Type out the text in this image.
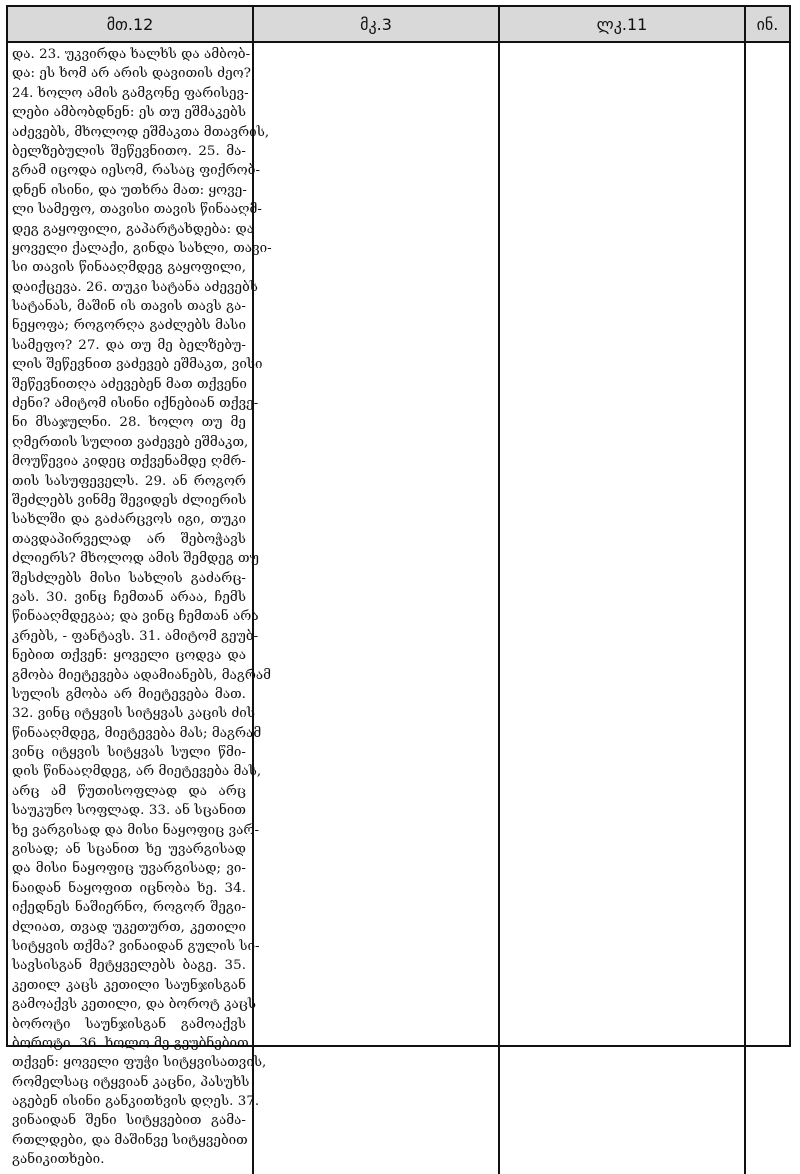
მთ.12	მკ.3	ლკ.11	ინ.
და. 23. უკვირდა ხალხს და ამბობ-
და: ეს ხომ არ არის დავითის ძეო?
24. ხოლო ამის გამგონე ფარისევ-
ლები ამბობდნენ: ეს თუ ეშმაკებს
აძევებს, მხოლოდ ეშმაკთა მთავრის,
ბელზებულის შეწევნითო. 25. მა-
გრამ იცოდა იესომ, რასაც ფიქრობ-
დნენ ისინი, და უთხრა მათ: ყოვე-
ლი სამეფო, თავისი თავის წინააღმ-
დეგ გაყოფილი, გაპარტახდება: და
ყოველი ქალაქი, გინდა სახლი, თავი-
სი თავის წინააღმდეგ გაყოფილი,
დაიქცევა. 26. თუკი სატანა აძევებს
სატანას, მაშინ ის თავის თავს გა-
ნეყოფა; როგორღა გაძლებს მასი
სამეფო? 27. და თუ მე ბელზებუ-
ლის შეწევნით ვაძევებ ეშმაკთ, ვისი
შეწევნითღა აძევებენ მათ თქვენი
ძენი? ამიტომ ისინი იქნებიან თქვე-
ნი მსაჯულნი. 28. ხოლო თუ მე
ღმერთის სულით ვაძევებ ეშმაკთ,
მოუწევია კიდეც თქვენამდე ღმრ-
თის სასუფეველს. 29. ან როგორ
შეძლებს ვინმე შევიდეს ძლიერის
სახლში და გაძარცვოს იგი, თუკი
თავდაპირველად არ შებოჭავს
ძლიერს? მხოლოდ ამის შემდეგ თუ
შესძლებს მისი სახლის გაძარც-
ვას. 30. ვინც ჩემთან არაა, ჩემს
წინააღმდეგაა; და ვინც ჩემთან არა
კრებს, - ფანტავს. 31. ამიტომ გეუბ-
ნებით თქვენ: ყოველი ცოდვა და
გმობა მიეტევება ადამიანებს, მაგრამ
სულის გმობა არ მიეტევება მათ.
32. ვინც იტყვის სიტყვას კაცის ძის
წინააღმდეგ, მიეტევება მას; მაგრამ
ვინც იტყვის სიტყვას სული წმი-
დის წინააღმდეგ, არ მიეტევება მას,
არც ამ წუთისოფლად და არც
საუკუნო სოფლად. 33. ან სცანით
ხე ვარგისად და მისი ნაყოფიც ვარ-
გისად; ან სცანით ხე უვარგისად
და მისი ნაყოფიც უვარგისად; ვი-
ნაიდან ნაყოფით იცნობა ხე. 34.
იქედნეს ნაშიერნო, როგორ შეგი-
ძლიათ, თვად უკეთურთ, კეთილი
სიტყვის თქმა? ვინაიდან გულის სი-
სავსისგან მეტყველებს ბაგე. 35.
კეთილ კაცს კეთილი საუნჯისგან
გამოაქვს კეთილი, და ბოროტ კაცს
ბოროტი საუნჯისგან გამოაქვს
ბოროტი. 36. ხოლო მე გეუბნებით
თქვენ: ყოველი ფუჭი სიტყვისათვის,
რომელსაც იტყვიან კაცნი, პასუხს
აგებენ ისინი განკითხვის დღეს. 37.
ვინაიდან შენი სიტყვებით გამა-
რთლდები, და მაშინვე სიტყვებით
განიკითხები.
